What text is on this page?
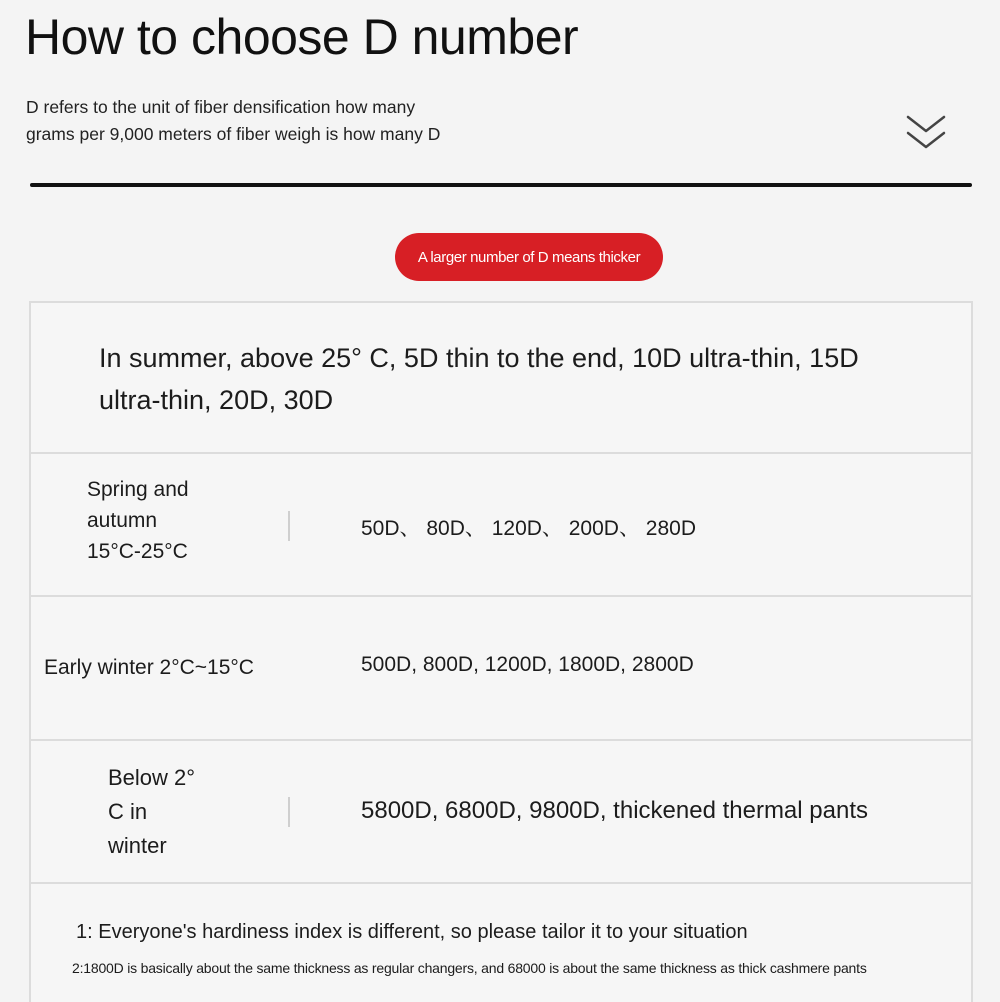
How to choose D number
D refers to the unit of fiber densification how many
grams per 9,000 meters of fiber weigh is how many D
A larger number of D means thicker
In summer, above 25° C, 5D thin to the end, 10D ultra-thin, 15D
ultra-thin, 20D, 30D
Spring and
autumn
15°C-25°C
50D、 80D、 120D、 200D、 280D
Early winter 2°C~15°C	500D, 800D, 1200D, 1800D, 2800D
Below 2°
C in
winter
5800D, 6800D, 9800D, thickened thermal pants
1: Everyone's hardiness index is different, so please tailor it to your situation
2:1800D is basically about the same thickness as regular changers, and 68000 is about the same thickness as thick cashmere pants
